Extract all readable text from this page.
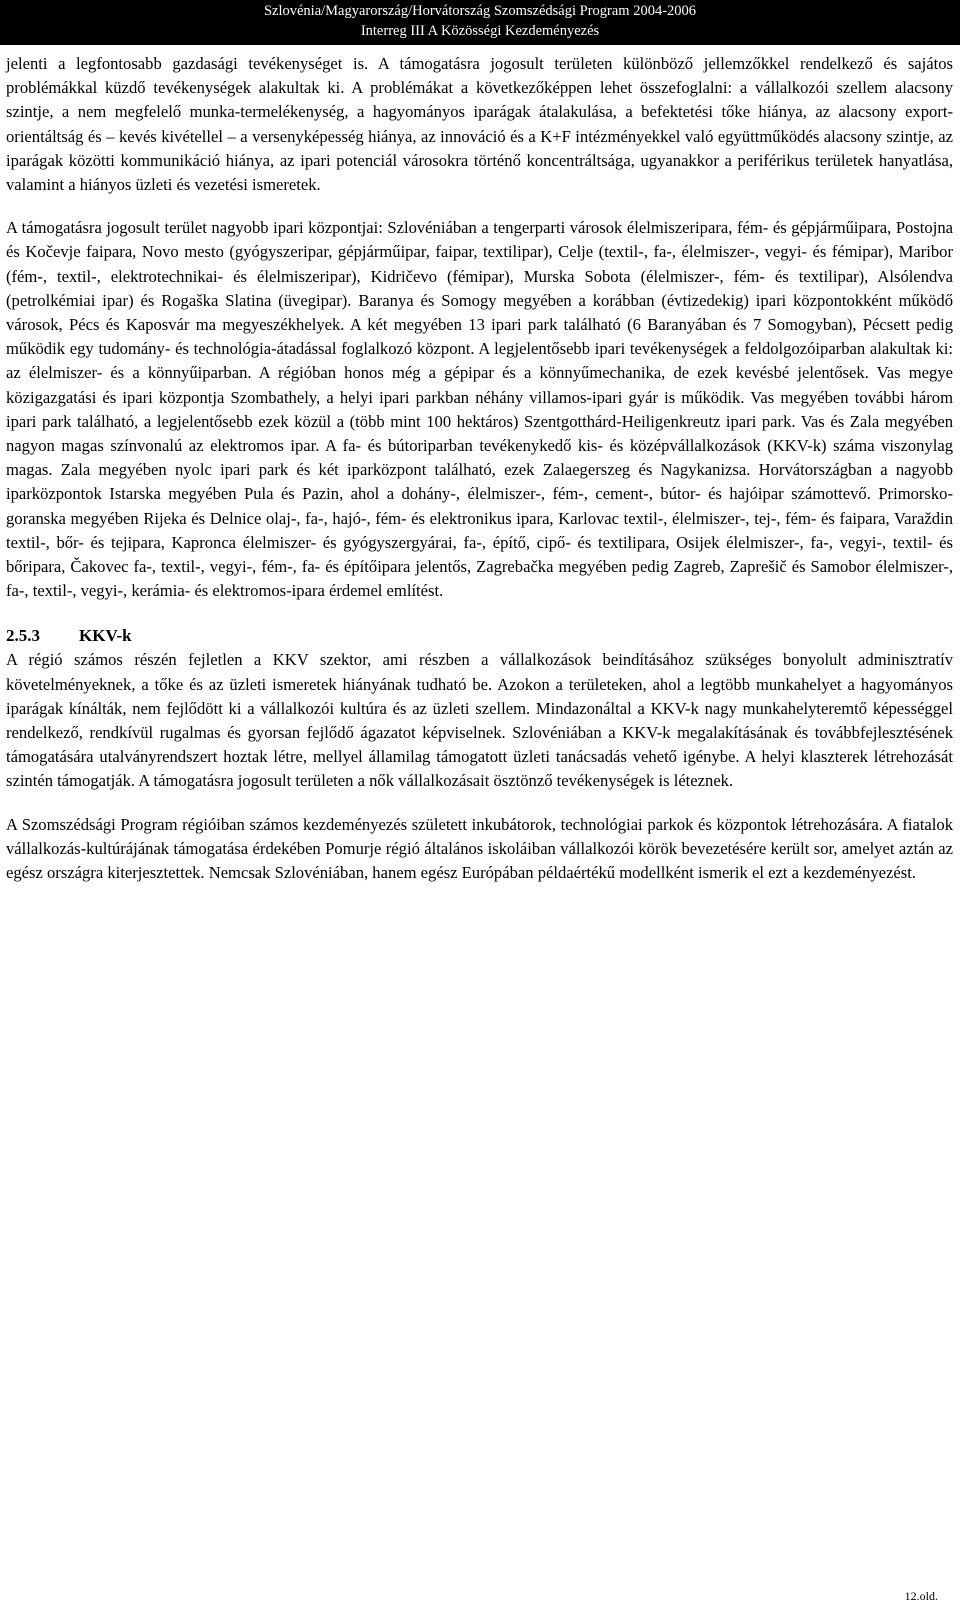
Szlovénia/Magyarország/Horvátország Szomszédsági Program 2004-2006
Interreg III A Közösségi Kezdeményezés

jelenti a legfontosabb gazdasági tevékenységet is. A támogatásra jogosult területen különböző jellemzőkkel rendelkező és sajátos problémákkal küzdő tevékenységek alakultak ki. A problémákat a következőképpen lehet összefoglalni: a vállalkozói szellem alacsony szintje, a nem megfelelő munka-termelékenység, a hagyományos iparágak átalakulása, a befektetési tőke hiánya, az alacsony export-orientáltság és – kevés kivétellel – a versenyképesség hiánya, az innováció és a K+F intézményekkel való együttműködés alacsony szintje, az iparágak közötti kommunikáció hiánya, az ipari potenciál városokra történő koncentráltsága, ugyanakkor a periférikus területek hanyatlása, valamint a hiányos üzleti és vezetési ismeretek.

A támogatásra jogosult terület nagyobb ipari központjai: Szlovéniában a tengerparti városok élelmiszeripara, fém- és gépjárműipara, Postojna és Kočevje faipara, Novo mesto (gyógyszeripar, gépjárműipar, faipar, textilipar), Celje (textil-, fa-, élelmiszer-, vegyi- és fémipar), Maribor (fém-, textil-, elektrotechnikai- és élelmiszeripar), Kidričevo (fémipar), Murska Sobota (élelmiszer-, fém- és textilipar), Alsólendva (petrolkémiai ipar) és Rogaška Slatina (üvegipar). Baranya és Somogy megyében a korábban (évtizedekig) ipari központokként működő városok, Pécs és Kaposvár ma megyeszékhelyek. A két megyében 13 ipari park található (6 Baranyában és 7 Somogyban), Pécsett pedig működik egy tudomány- és technológia-átadással foglalkozó központ. A legjelentősebb ipari tevékenységek a feldolgozóiparban alakultak ki: az élelmiszer- és a könnyűiparban. A régióban honos még a gépipar és a könnyűmechanika, de ezek kevésbé jelentősek. Vas megye közigazgatási és ipari központja Szombathely, a helyi ipari parkban néhány villamos-ipari gyár is működik. Vas megyében további három ipari park található, a legjelentősebb ezek közül a (több mint 100 hektáros) Szentgotthárd-Heiligenkreutz ipari park. Vas és Zala megyében nagyon magas színvonalú az elektromos ipar. A fa- és bútoriparban tevékenykedő kis- és középvállalkozások (KKV-k) száma viszonylag magas. Zala megyében nyolc ipari park és két iparközpont található, ezek Zalaegerszeg és Nagykanizsa. Horvátországban a nagyobb iparközpontok Istarska megyében Pula és Pazin, ahol a dohány-, élelmiszer-, fém-, cement-, bútor- és hajóipar számottevő. Primorsko-goranska megyében Rijeka és Delnice olaj-, fa-, hajó-, fém- és elektronikus ipara, Karlovac textil-, élelmiszer-, tej-, fém- és faipara, Varaždin textil-, bőr- és tejipara, Kapronca élelmiszer- és gyógyszergyárai, fa-, építő, cipő- és textilipara, Osijek élelmiszer-, fa-, vegyi-, textil- és bőripara, Čakovec fa-, textil-, vegyi-, fém-, fa- és építőipara jelentős, Zagrebačka megyében pedig Zagreb, Zaprešič és Samobor élelmiszer-, fa-, textil-, vegyi-, kerámia- és elektromos-ipara érdemel említést.

2.5.3 KKV-k

A régió számos részén fejletlen a KKV szektor, ami részben a vállalkozások beindításához szükséges bonyolult adminisztratív követelményeknek, a tőke és az üzleti ismeretek hiányának tudható be. Azokon a területeken, ahol a legtöbb munkahelyet a hagyományos iparágak kínálták, nem fejlődött ki a vállalkozói kultúra és az üzleti szellem. Mindazonáltal a KKV-k nagy munkahelyteremtő képességgel rendelkező, rendkívül rugalmas és gyorsan fejlődő ágazatot képviselnek. Szlovéniában a KKV-k megalakításának és továbbfejlesztésének támogatására utalványrendszert hoztak létre, mellyel államilag támogatott üzleti tanácsadás vehető igénybe. A helyi klaszterek létrehozását szintén támogatják. A támogatásra jogosult területen a nők vállalkozásait ösztönző tevékenységek is léteznek.

A Szomszédsági Program régióiban számos kezdeményezés született inkubátorok, technológiai parkok és központok létrehozására. A fiatalok vállalkozás-kultúrájának támogatása érdekében Pomurje régió általános iskoláiban vállalkozói körök bevezetésére került sor, amelyet aztán az egész országra kiterjesztettek. Nemcsak Szlovéniában, hanem egész Európában példaértékű modellként ismerik el ezt a kezdeményezést.

12.old.
